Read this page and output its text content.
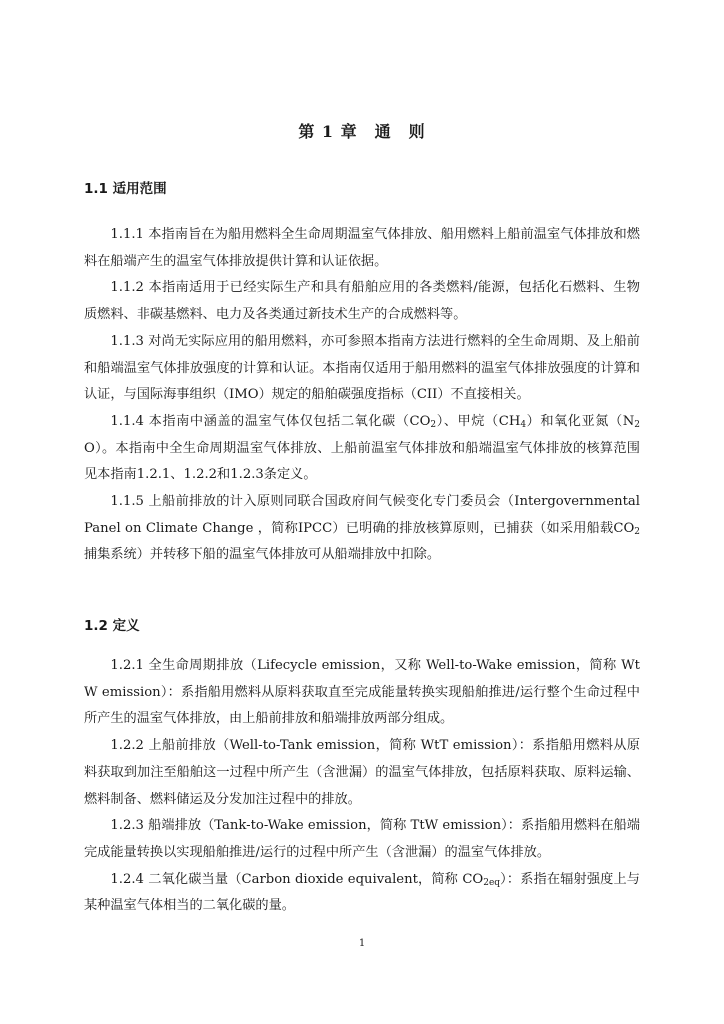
第 1 章　通　则
1.1 适用范围

1.1.1 本指南旨在为船用燃料全生命周期温室气体排放、船用燃料上船前温室气体排放和燃料在船端产生的温室气体排放提供计算和认证依据。

1.1.2 本指南适用于已经实际生产和具有船舶应用的各类燃料/能源，包括化石燃料、生物质燃料、非碳基燃料、电力及各类通过新技术生产的合成燃料等。

1.1.3 对尚无实际应用的船用燃料，亦可参照本指南方法进行燃料的全生命周期、及上船前和船端温室气体排放强度的计算和认证。本指南仅适用于船用燃料的温室气体排放强度的计算和认证，与国际海事组织（IMO）规定的船舶碳强度指标（CII）不直接相关。

1.1.4 本指南中涵盖的温室气体仅包括二氧化碳$(CO_2)$、甲烷$(CH_4)$和氧化亚氮$(N_2O)$。本指南中全生命周期温室气体排放、上船前温室气体排放和船端温室气体排放的核算范围见本指南1.2.1、1.2.2和1.2.3条定义。

1.1.5 上船前排放的计入原则同联合国政府间气候变化专门委员会（Intergovernmental Panel on Climate Change ，简称IPCC）已明确的排放核算原则，已捕获（如采用船载$CO_2$捕集系统）并转移下船的温室气体排放可从船端排放中扣除。

1.2 定义

1.2.1 全生命周期排放（Lifecycle emission，又称 Well-to-Wake emission，简称 WtW emission）：系指船用燃料从原料获取直至完成能量转换实现船舶推进/运行整个生命过程中所产生的温室气体排放，由上船前排放和船端排放两部分组成。

1.2.2 上船前排放（Well-to-Tank emission，简称 WtT emission）：系指船用燃料从原料获取到加注至船舶这一过程中所产生（含泄漏）的温室气体排放，包括原料获取、原料运输、燃料制备、燃料储运及分发加注过程中的排放。

1.2.3 船端排放（Tank-to-Wake emission，简称 TtW emission）：系指船用燃料在船端完成能量转换以实现船舶推进/运行的过程中所产生（含泄漏）的温室气体排放。

1.2.4 二氧化碳当量（Carbon dioxide equivalent，简称 $CO_{2eq}$）：系指在辐射强度上与某种温室气体相当的二氧化碳的量。

1
